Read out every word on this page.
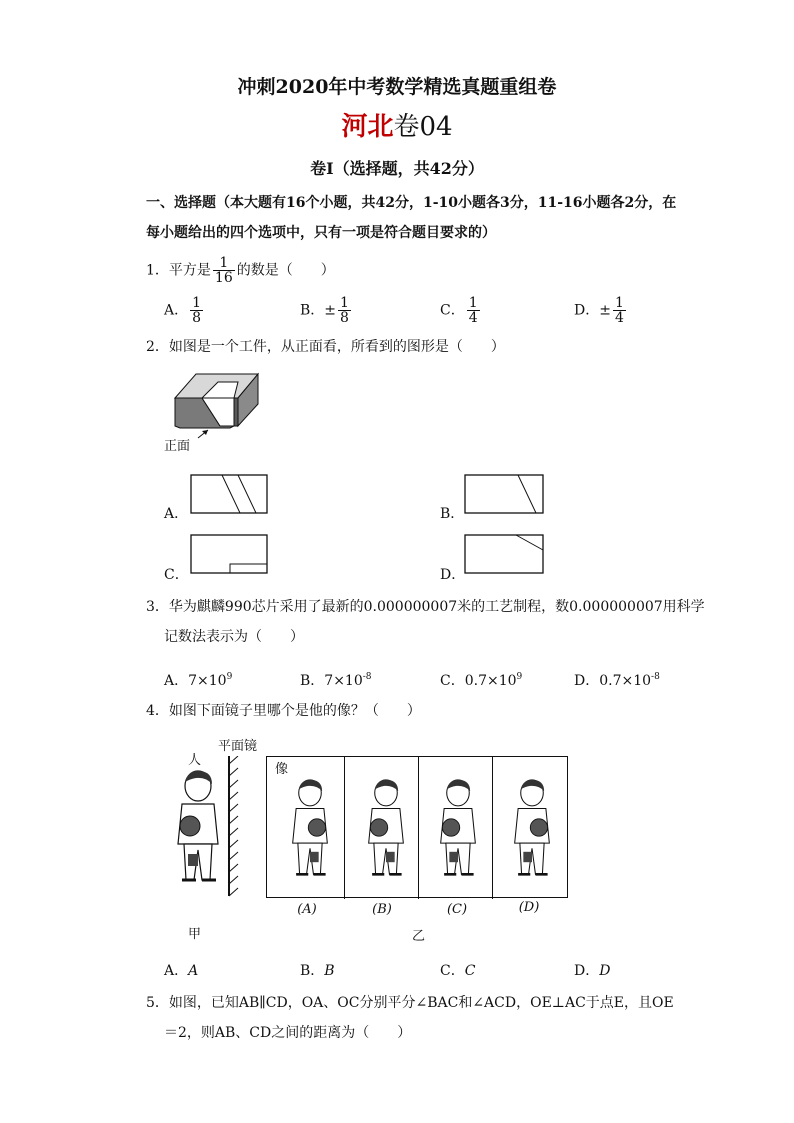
冲刺2020年中考数学精选真题重组卷
河北卷04
卷Ⅰ（选择题，共42分）
一、选择题（本大题有16个小题，共42分，1-10小题各3分，11-16小题各2分，在
每小题给出的四个选项中，只有一项是符合题目要求的）
1．平方是 $\frac{1}{16}$ 的数是（　　）
A． $\frac{1}{8}$	B．± $\frac{1}{8}$	C． $\frac{1}{4}$	D．± $\frac{1}{4}$
2．如图是一个工件，从正面看，所看到的图形是（　　）
正面
A．	B．
C．	D．
3．华为麒麟990芯片采用了最新的0.000000007米的工艺制程，数0.000000007用科学
记数法表示为（　　）
A．$7\times 10^9$	B．$7\times 10^{-8}$	C．$0.7\times 10^9$	D．$0.7\times 10^{-8}$
4．如图下面镜子里哪个是他的像？（　　）
平面镜
人
像
(A)	(B)	(C)	(D)
甲	乙
A．A	B．B	C．C	D．D
5．如图，已知AB∥CD，OA、OC分别平分∠BAC和∠ACD，OE⊥AC于点E，且OE
＝2，则AB、CD之间的距离为（　　）
